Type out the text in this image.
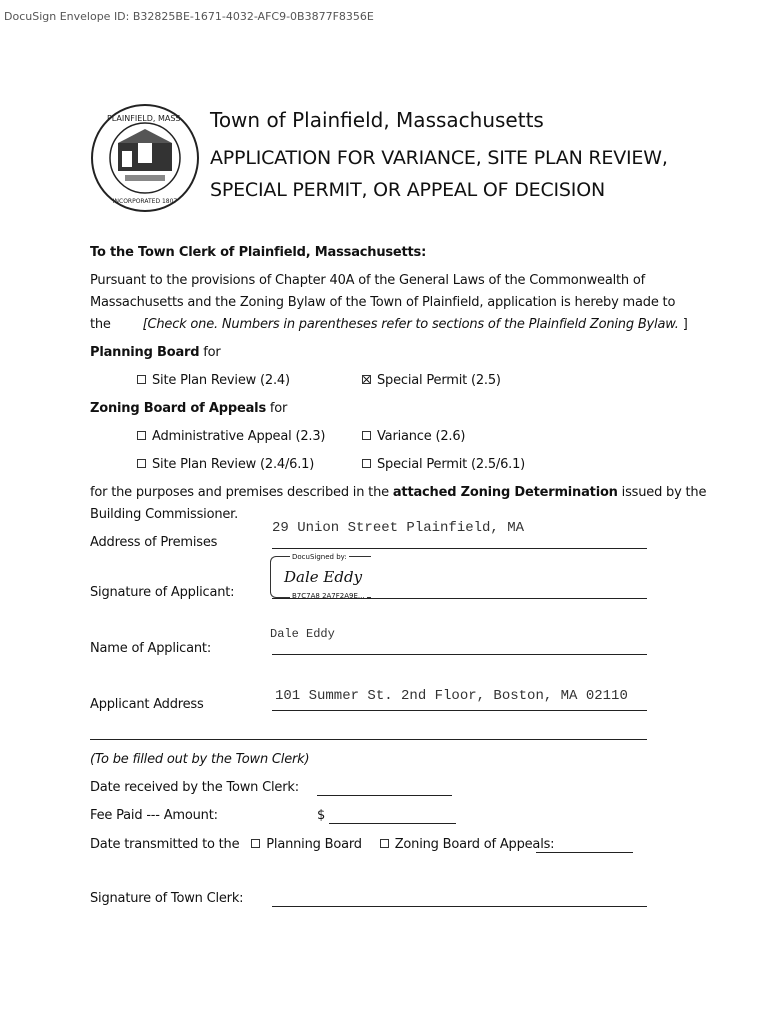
DocuSign Envelope ID: B32825BE-1671-4032-AFC9-0B3877F8356E
PLAINFIELD, MASS.
INCORPORATED 1807
Town of Plainfield, Massachusetts
APPLICATION FOR VARIANCE, SITE PLAN REVIEW,
SPECIAL PERMIT, OR APPEAL OF DECISION
To the Town Clerk of Plainfield, Massachusetts:
Pursuant to the provisions of Chapter 40A of the General Laws of the Commonwealth of
Massachusetts and the Zoning Bylaw of the Town of Plainfield, application is hereby made to
the [Check one. Numbers in parentheses refer to sections of the Plainfield Zoning Bylaw. ]
Planning Board for
Site Plan Review (2.4)	Special Permit (2.5)
Zoning Board of Appeals for
Administrative Appeal (2.3)	Variance (2.6)
Site Plan Review (2.4/6.1)	Special Permit (2.5/6.1)
for the purposes and premises described in the attached Zoning Determination issued by the
Building Commissioner.
Address of Premises
29 Union Street Plainfield, MA
Signature of Applicant:
DocuSigned by:
Dale Eddy
B7C7A8 2A7F2A9E...
Name of Applicant:
Dale Eddy
Applicant Address
101 Summer St. 2nd Floor, Boston, MA 02110
(To be filled out by the Town Clerk)
Date received by the Town Clerk:
Fee Paid --- Amount:	$
Date transmitted to the Planning Board	Zoning Board of Appeals:
Signature of Town Clerk:
